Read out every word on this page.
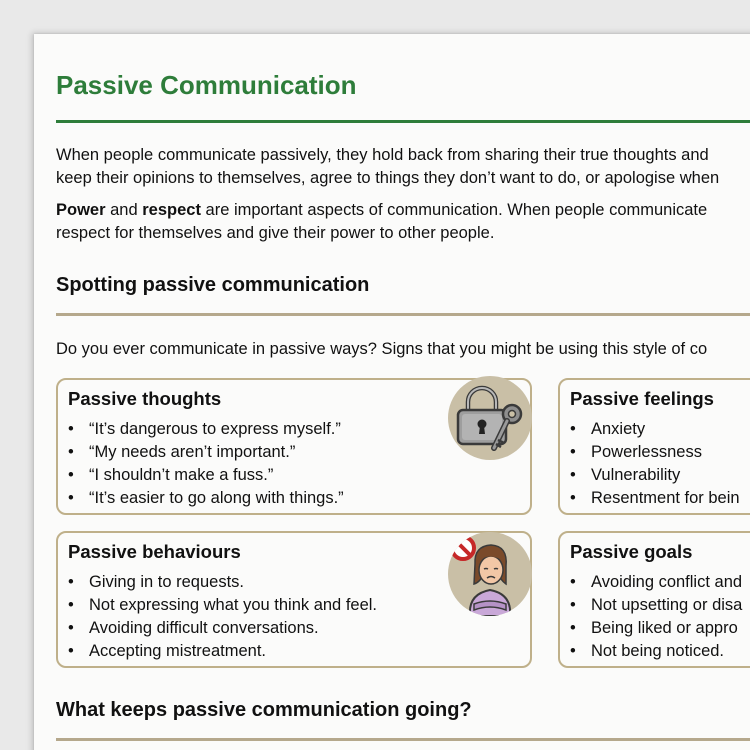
Passive Communication

When people communicate passively, they hold back from sharing their true thoughts and
keep their opinions to themselves, agree to things they don’t want to do, or apologise when

Power and respect are important aspects of communication. When people communicate
respect for themselves and give their power to other people.

Spotting passive communication

Do you ever communicate in passive ways? Signs that you might be using this style of co

Passive thoughts
• “It’s dangerous to express myself.”
• “My needs aren’t important.”
• “I shouldn’t make a fuss.”
• “It’s easier to go along with things.”
Passive feelings
• Anxiety
• Powerlessness
• Vulnerability
• Resentment for bein
Passive behaviours
• Giving in to requests.
• Not expressing what you think and feel.
• Avoiding difficult conversations.
• Accepting mistreatment.
Passive goals
• Avoiding conflict and
• Not upsetting or disa
• Being liked or appro
• Not being noticed.
What keeps passive communication going?
